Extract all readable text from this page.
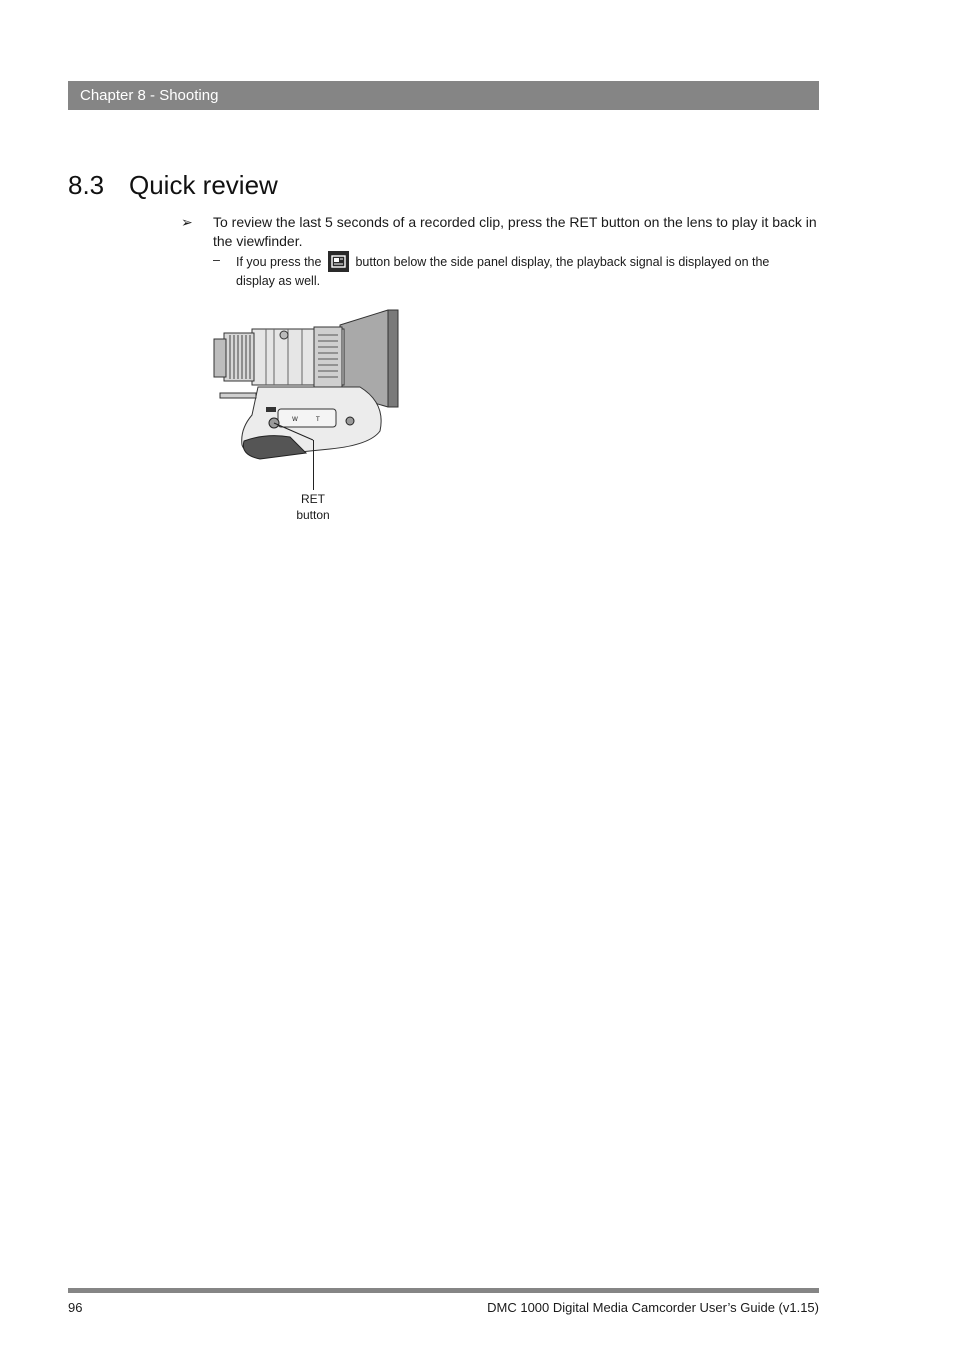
Chapter 8 - Shooting
8.3 Quick review
➢ To review the last 5 seconds of a recorded clip, press the RET button on the lens to play it back in the viewfinder.

– If you press the	button below the side panel display, the playback signal is displayed on the display as well.

W	T
RET
button
96	DMC 1000 Digital Media Camcorder User’s Guide (v1.15)
